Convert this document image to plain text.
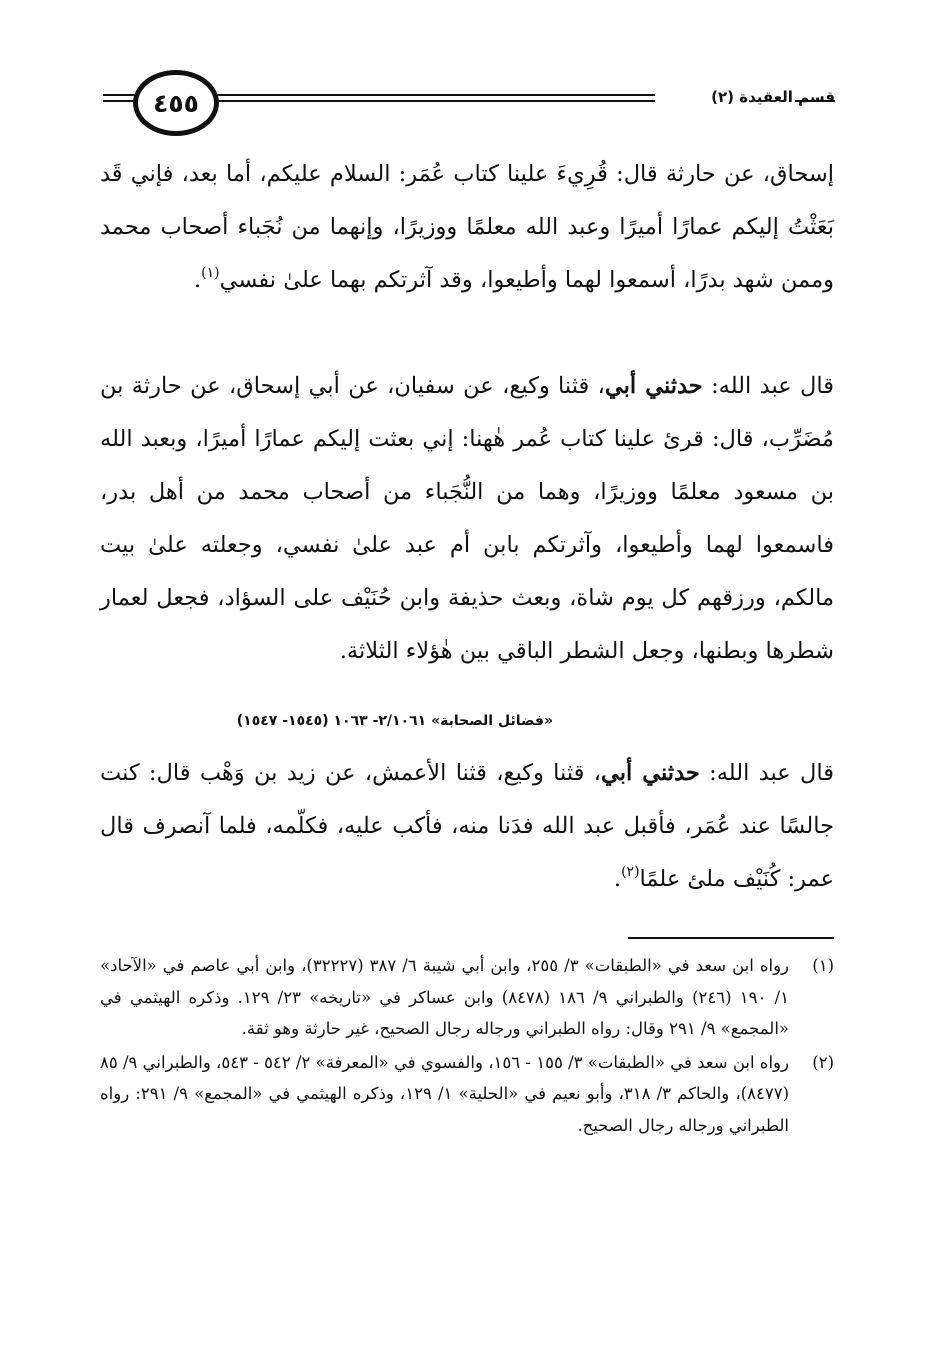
٤٥٥	قسم العقيدة (٢)

إسحاق، عن حارثة قال: قُرِيءَ علينا كتاب عُمَر: السلام عليكم، أما بعد، فإني قَد بَعَثْتُ إليكم عمارًا أميرًا وعبد الله معلمًا ووزيرًا، وإنهما من نُجَباء أصحاب محمد وممن شهد بدرًا، أسمعوا لهما وأطيعوا، وقد آثرتكم بهما علىٰ نفسي$^{(١)}$.

قال عبد الله: حدثني أبي، قثنا وكيع، عن سفيان، عن أبي إسحاق، عن حارثة بن مُضَرِّب، قال: قرئ علينا كتاب عُمر هٰهنا: إني بعثت إليكم عمارًا أميرًا، وبعبد الله بن مسعود معلمًا ووزيرًا، وهما من النُّجَباء من أصحاب محمد من أهل بدر، فاسمعوا لهما وأطيعوا، وآثرتكم بابن أم عبد علىٰ نفسي، وجعلته علىٰ بيت مالكم، ورزقهم كل يوم شاة، وبعث حذيفة وابن حُنَيْف على السؤاد، فجعل لعمار شطرها وبطنها، وجعل الشطر الباقي بين هٰؤلاء الثلاثة.

«فضائل الصحابة» ٢/١٠٦١- ١٠٦٣ (١٥٤٥- ١٥٤٧)

قال عبد الله: حدثني أبي، قثنا وكيع، قثنا الأعمش، عن زيد بن وَهْب قال: كنت جالسًا عند عُمَر، فأقبل عبد الله فدَنا منه، فأكب عليه، فكلّمه، فلما آنصرف قال عمر: كُنَيْف ملئ علمًا$^{(٢)}$.

(١)
رواه ابن سعد في «الطبقات» ٣/ ٢٥٥، وابن أبي شيبة ٦/ ٣٨٧ (٣٢٢٢٧)، وابن أبي عاصم في «الآحاد» ١/ ١٩٠ (٢٤٦) والطبراني ٩/ ١٨٦ (٨٤٧٨) وابن عساكر في «تاريخه» ٢٣/ ١٢٩. وذكره الهيثمي في «المجمع» ٩/ ٢٩١ وقال: رواه الطبراني ورجاله رجال الصحيح، غير حارثة وهو ثقة.
(٢)
رواه ابن سعد في «الطبقات» ٣/ ١٥٥ - ١٥٦، والفسوي في «المعرفة» ٢/ ٥٤٢ - ٥٤٣، والطبراني ٩/ ٨٥ (٨٤٧٧)، والحاكم ٣/ ٣١٨، وأبو نعيم في «الحلية» ١/ ١٢٩، وذكره الهيثمي في «المجمع» ٩/ ٢٩١: رواه الطبراني ورجاله رجال الصحيح.
